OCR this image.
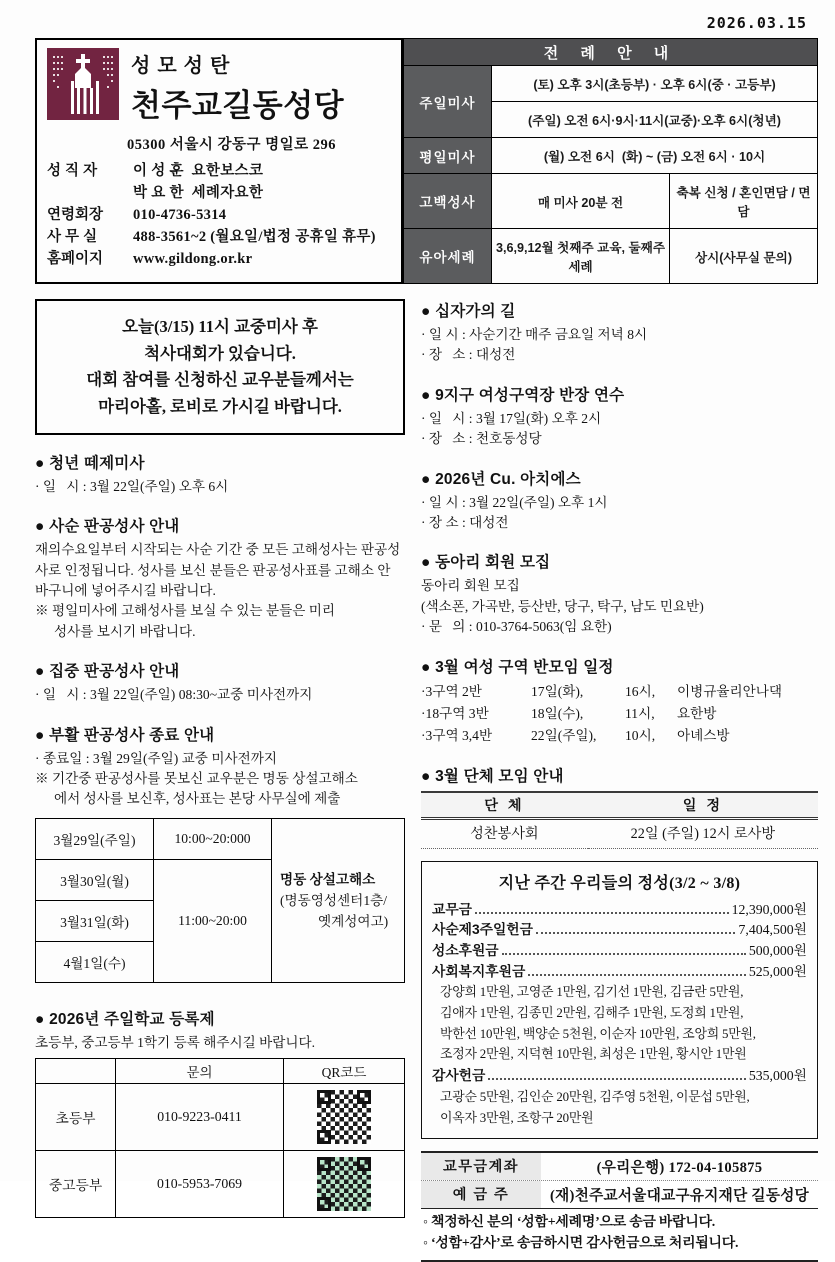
2026.03.15
성모성탄
천주교길동성당
05300 서울시 강동구 명일로 296
성 직 자	이 성 훈  요한보스코
박 요 한  세례자요한
연령회장	010-4736-5314
사 무 실	488-3561~2 (월요일/법정 공휴일 휴무)
홈페이지	www.gildong.or.kr
전 례 안 내		
주일미사	(토) 오후 3시(초등부) · 오후 6시(중 · 고등부)	
	(주일) 오전 6시·9시·11시(교중)·오후 6시(청년)	
평일미사	(월) 오전 6시  (화) ~ (금) 오전 6시 · 10시	
고백성사	매 미사 20분 전	축복 신청 / 혼인면담 / 면담
유아세례	3,6,9,12월 첫째주 교육, 둘째주 세례	상시(사무실 문의)
오늘(3/15) 11시 교중미사 후
척사대회가 있습니다.
대회 참여를 신청하신 교우분들께서는
마리아홀, 로비로 가시길 바랍니다.
● 청년 떼제미사
· 일   시 : 3월 22일(주일) 오후 6시
● 사순 판공성사 안내
재의수요일부터 시작되는 사순 기간 중 모든 고해성사는 판공성사로 인정됩니다. 성사를 보신 분들은 판공성사표를 고해소 안 바구니에 넣어주시길 바랍니다.
※ 평일미사에 고해성사를 보실 수 있는 분들은 미리
성사를 보시기 바랍니다.
● 집중 판공성사 안내
· 일   시 : 3월 22일(주일) 08:30~교중 미사전까지
● 부활 판공성사 종료 안내
· 종료일 : 3월 29일(주일) 교중 미사전까지
※ 기간중 판공성사를 못보신 교우분은 명동 상설고해소
에서 성사를 보신후, 성사표는 본당 사무실에 제출
3월29일(주일)	10:00~20:000	명동 상설고해소
(명동영성센터1층/
옛계성여고)

3월30일(월)	11:00~20:00	
3월31일(화)		
4월1일(수)		
● 2026년 주일학교 등록제
초등부, 중고등부 1학기 등록 해주시길 바랍니다.
	문의	QR코드
초등부	010-9223-0411	

중고등부	010-5953-7069	
● 십자가의 길
· 일 시 : 사순기간 매주 금요일 저녁 8시
· 장   소 : 대성전
● 9지구 여성구역장 반장 연수
· 일   시 : 3월 17일(화) 오후 2시
· 장   소 : 천호동성당
● 2026년 Cu. 아치에스
· 일 시 : 3월 22일(주일) 오후 1시
· 장 소 : 대성전
● 동아리 회원 모집
동아리 회원 모집
(색소폰, 가곡반, 등산반, 당구, 탁구, 남도 민요반)
· 문   의 : 010-3764-5063(임 요한)
● 3월 여성 구역 반모임 일정
·3구역 2반	17일(화),	16시,	이병규율리안나댁
·18구역 3반	18일(수),	11시,	요한방
·3구역 3,4반	22일(주일),	10시,	아녜스방
● 3월 단체 모임 안내
단 체	일 정
성찬봉사회	22일 (주일) 12시 로사방
지난 주간 우리들의 정성(3/2 ~ 3/8)
교무금	12,390,000원
사순제3주일헌금	7,404,500원
성소후원금	500,000원
사회복지후원금	525,000원
강양희 1만원, 고영준 1만원, 김기선 1만원, 김금란 5만원,
김애자 1만원, 김종민 2만원, 김해주 1만원, 도정희 1만원,
박한선 10만원, 백양순 5천원, 이순자 10만원, 조앙희 5만원,
조정자 2만원, 지덕현 10만원, 최성은 1만원, 황시안 1만원
감사헌금	535,000원
고광순 5만원, 김인순 20만원, 김주영 5천원, 이문섭 5만원,
이옥자 3만원, 조항구 20만원
교무금계좌	(우리은행) 172-04-105875
예 금 주	(재)천주교서울대교구유지재단 길동성당
◦ 책정하신 분의 ‘성함+세례명’으로 송금 바랍니다.
◦ ‘성함+감사’로 송금하시면 감사헌금으로 처리됩니다.
